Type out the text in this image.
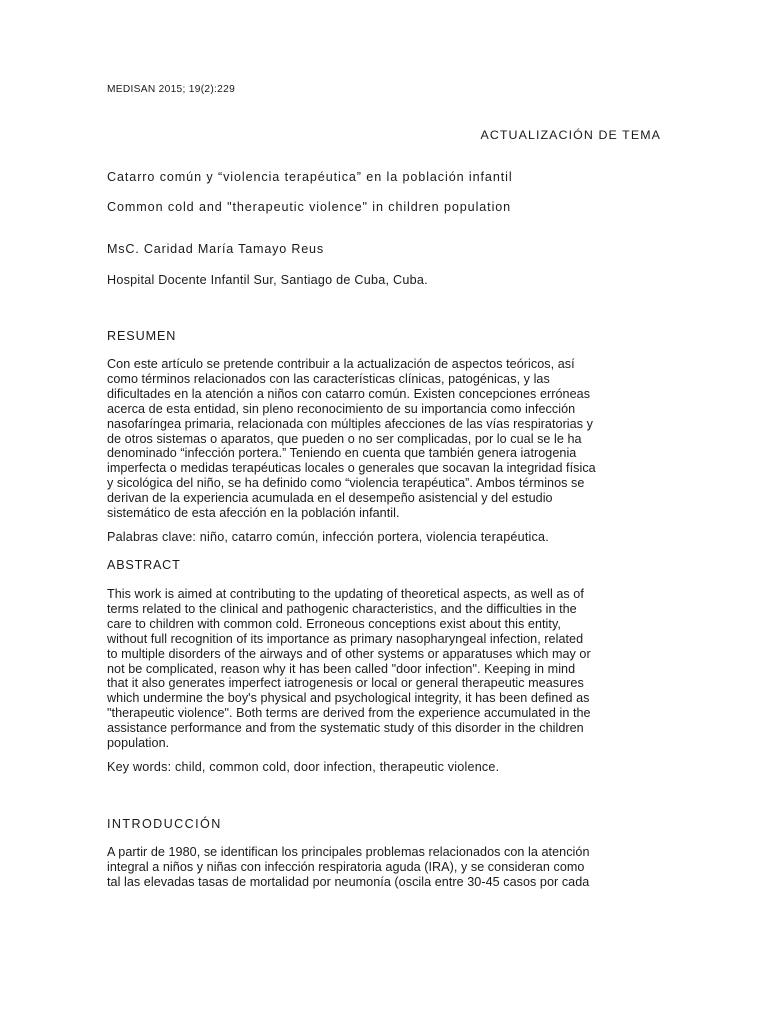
MEDISAN 2015; 19(2):229

ACTUALIZACIÓN DE TEMA

Catarro común y “violencia terapéutica” en la población infantil

Common cold and "therapeutic violence" in children population

MsC. Caridad María Tamayo Reus

Hospital Docente Infantil Sur, Santiago de Cuba, Cuba.

RESUMEN

Con este artículo se pretende contribuir a la actualización de aspectos teóricos, así
como términos relacionados con las características clínicas, patogénicas, y las
dificultades en la atención a niños con catarro común. Existen concepciones erróneas
acerca de esta entidad, sin pleno reconocimiento de su importancia como infección
nasofaríngea primaria, relacionada con múltiples afecciones de las vías respiratorias y
de otros sistemas o aparatos, que pueden o no ser complicadas, por lo cual se le ha
denominado “infección portera.” Teniendo en cuenta que también genera iatrogenia
imperfecta o medidas terapéuticas locales o generales que socavan la integridad física
y sicológica del niño, se ha definido como “violencia terapéutica”. Ambos términos se
derivan de la experiencia acumulada en el desempeño asistencial y del estudio
sistemático de esta afección en la población infantil.
Palabras clave: niño, catarro común, infección portera, violencia terapéutica.

ABSTRACT

This work is aimed at contributing to the updating of theoretical aspects, as well as of
terms related to the clinical and pathogenic characteristics, and the difficulties in the
care to children with common cold. Erroneous conceptions exist about this entity,
without full recognition of its importance as primary nasopharyngeal infection, related
to multiple disorders of the airways and of other systems or apparatuses which may or
not be complicated, reason why it has been called "door infection". Keeping in mind
that it also generates imperfect iatrogenesis or local or general therapeutic measures
which undermine the boy's physical and psychological integrity, it has been defined as
"therapeutic violence". Both terms are derived from the experience accumulated in the
assistance performance and from the systematic study of this disorder in the children
population.
Key words: child, common cold, door infection, therapeutic violence.

INTRODUCCIÓN

A partir de 1980, se identifican los principales problemas relacionados con la atención
integral a niños y niñas con infección respiratoria aguda (IRA), y se consideran como
tal las elevadas tasas de mortalidad por neumonía (oscila entre 30-45 casos por cada
